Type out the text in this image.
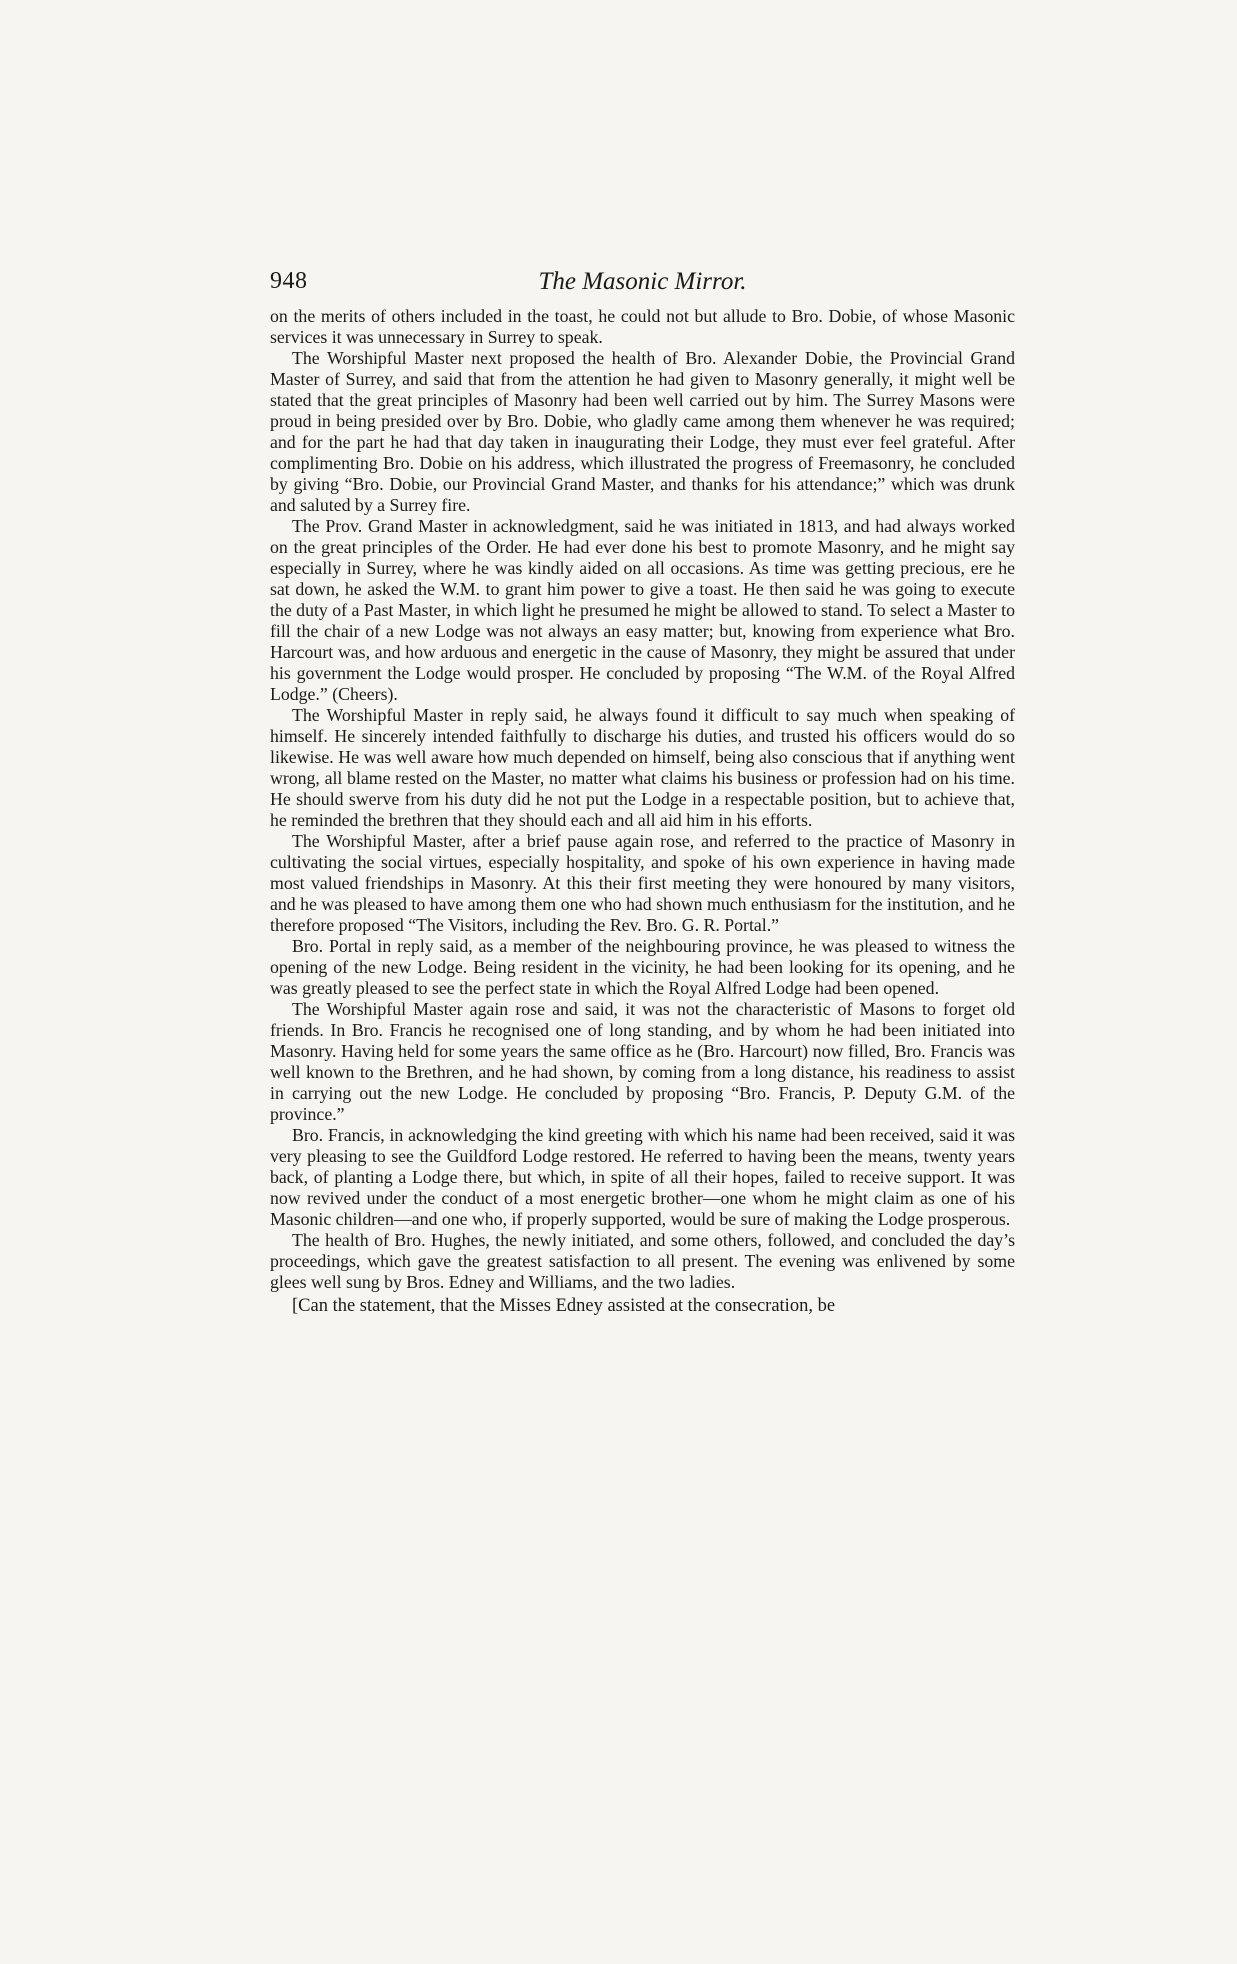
948	The Masonic Mirror.

on the merits of others included in the toast, he could not but allude to Bro. Dobie, of whose Masonic services it was unnecessary in Surrey to speak.

The Worshipful Master next proposed the health of Bro. Alexander Dobie, the Provincial Grand Master of Surrey, and said that from the attention he had given to Masonry generally, it might well be stated that the great principles of Masonry had been well carried out by him. The Surrey Masons were proud in being presided over by Bro. Dobie, who gladly came among them whenever he was required; and for the part he had that day taken in inaugurating their Lodge, they must ever feel grateful. After complimenting Bro. Dobie on his address, which illustrated the progress of Freemasonry, he concluded by giving “Bro. Dobie, our Provincial Grand Master, and thanks for his attendance;” which was drunk and saluted by a Surrey fire.

The Prov. Grand Master in acknowledgment, said he was initiated in 1813, and had always worked on the great principles of the Order. He had ever done his best to promote Masonry, and he might say especially in Surrey, where he was kindly aided on all occasions. As time was getting precious, ere he sat down, he asked the W.M. to grant him power to give a toast. He then said he was going to execute the duty of a Past Master, in which light he presumed he might be allowed to stand. To select a Master to fill the chair of a new Lodge was not always an easy matter; but, knowing from experience what Bro. Harcourt was, and how arduous and energetic in the cause of Masonry, they might be assured that under his government the Lodge would prosper. He concluded by proposing “The W.M. of the Royal Alfred Lodge.” (Cheers).

The Worshipful Master in reply said, he always found it difficult to say much when speaking of himself. He sincerely intended faithfully to discharge his duties, and trusted his officers would do so likewise. He was well aware how much depended on himself, being also conscious that if anything went wrong, all blame rested on the Master, no matter what claims his business or profession had on his time. He should swerve from his duty did he not put the Lodge in a respectable position, but to achieve that, he reminded the brethren that they should each and all aid him in his efforts.

The Worshipful Master, after a brief pause again rose, and referred to the practice of Masonry in cultivating the social virtues, especially hospitality, and spoke of his own experience in having made most valued friendships in Masonry. At this their first meeting they were honoured by many visitors, and he was pleased to have among them one who had shown much enthusiasm for the institution, and he therefore proposed “The Visitors, including the Rev. Bro. G. R. Portal.”

Bro. Portal in reply said, as a member of the neighbouring province, he was pleased to witness the opening of the new Lodge. Being resident in the vicinity, he had been looking for its opening, and he was greatly pleased to see the perfect state in which the Royal Alfred Lodge had been opened.

The Worshipful Master again rose and said, it was not the characteristic of Masons to forget old friends. In Bro. Francis he recognised one of long standing, and by whom he had been initiated into Masonry. Having held for some years the same office as he (Bro. Harcourt) now filled, Bro. Francis was well known to the Brethren, and he had shown, by coming from a long distance, his readiness to assist in carrying out the new Lodge. He concluded by proposing “Bro. Francis, P. Deputy G.M. of the province.”

Bro. Francis, in acknowledging the kind greeting with which his name had been received, said it was very pleasing to see the Guildford Lodge restored. He referred to having been the means, twenty years back, of planting a Lodge there, but which, in spite of all their hopes, failed to receive support. It was now revived under the conduct of a most energetic brother—one whom he might claim as one of his Masonic children—and one who, if properly supported, would be sure of making the Lodge prosperous.

The health of Bro. Hughes, the newly initiated, and some others, followed, and concluded the day’s proceedings, which gave the greatest satisfaction to all present. The evening was enlivened by some glees well sung by Bros. Edney and Williams, and the two ladies.

[Can the statement, that the Misses Edney assisted at the consecration, be
